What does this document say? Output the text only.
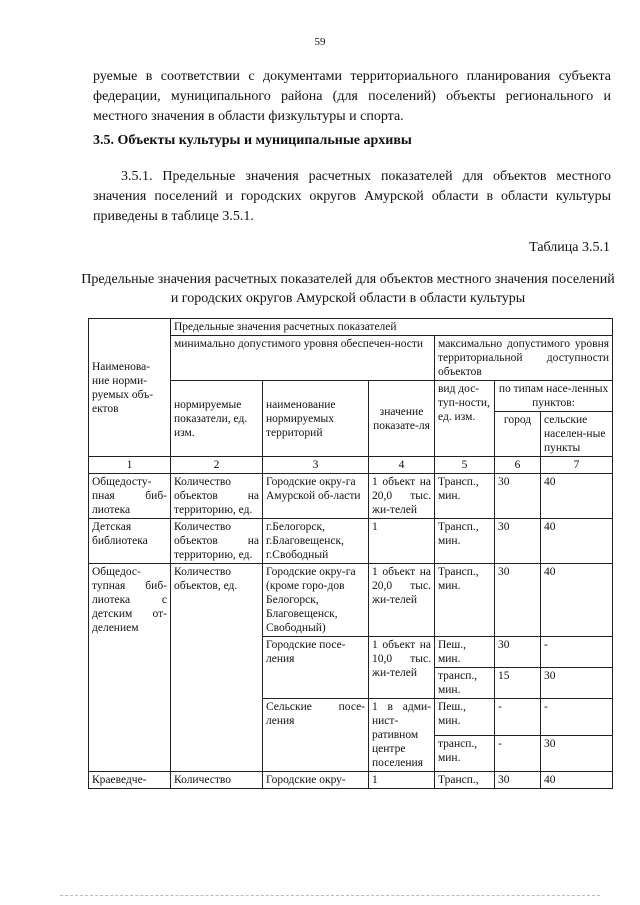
59
руемые в соответствии с документами территориального планирования субъекта федерации, муниципального района (для поселений) объекты регионального и местного значения в области физкультуры и спорта.
3.5. Объекты культуры и муниципальные архивы
3.5.1. Предельные значения расчетных показателей для объектов местного значения поселений и городских округов Амурской области в области культуры приведены в таблице 3.5.1.
Таблица 3.5.1
Предельные значения расчетных показателей для объектов местного значения поселений и городских округов Амурской области в области культуры
Наименова-ние норми-руемых объ-ектов	Предельные значения расчетных показателей					
	минимально допустимого уровня обеспечен-ности			максимально допустимого уровня территориальной доступности объектов		
	нормируемые показатели, ед. изм.	наименование нормируемых территорий	значение показате-ля	вид дос-туп-ности, ед. изм.	по типам насе-ленных пунктов:	
					город	сельские населен-ные пункты
1	2	3	4	5	6	7
Общедосту-пная биб-лиотека	Количество объектов на территорию, ед.	Городские окру-га Амурской об-ласти	1 объект на 20,0 тыс. жи-телей	Трансп., мин.	30	40
Детская библиотека	Количество объектов на территорию, ед.	г.Белогорск, г.Благовещенск, г.Свободный	1	Трансп., мин.	30	40
Общедос-тупная биб-лиотека с детским от-делением	Количество объектов, ед.	Городские окру-га (кроме горо-дов Белогорск, Благовещенск, Свободный)	1 объект на 20,0 тыс. жи-телей	Трансп., мин.	30	40
		Городские посе-ления	1 объект на 10,0 тыс. жи-телей	Пеш., мин.	30	-
				трансп., мин.	15	30
		Сельские посе-ления	1 в адми-нист-ративном центре поселения	Пеш., мин.	-	-
				трансп., мин.	-	30
Краеведче-	Количество	Городские окру-	1	Трансп.,	30	40
